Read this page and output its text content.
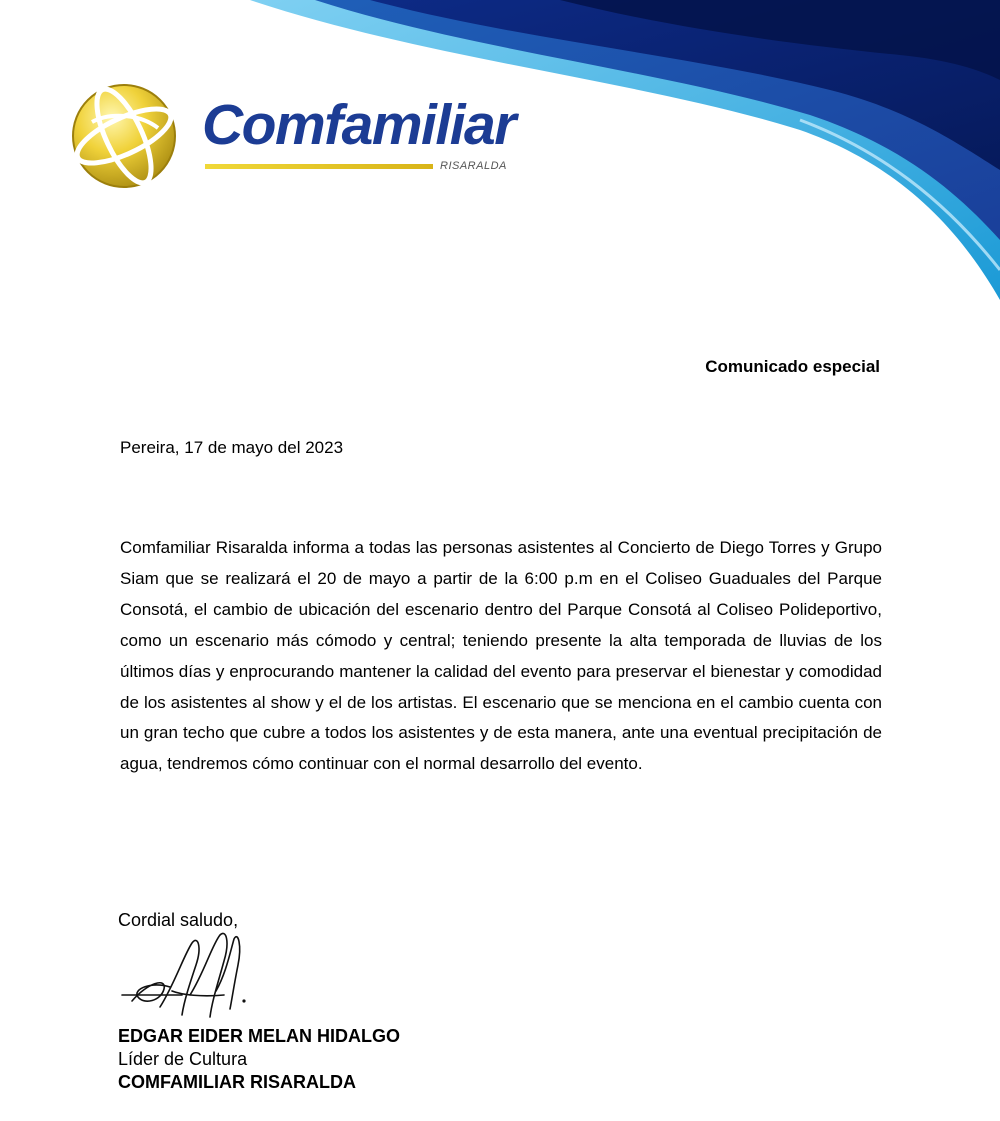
Comfamiliar
RISARALDA
Comunicado especial
Pereira, 17 de mayo del 2023

Comfamiliar Risaralda informa a todas las personas asistentes al Concierto de Diego Torres y Grupo Siam que se realizará el 20 de mayo a partir de la 6:00 p.m en el Coliseo Guaduales del Parque Consotá, el cambio de ubicación del escenario dentro del Parque Consotá al Coliseo Polideportivo, como un escenario más cómodo y central; teniendo presente la alta temporada de lluvias de los últimos días y enprocurando mantener la calidad del evento para preservar el bienestar y comodidad de los asistentes al show y el de los artistas. El escenario que se menciona en el cambio cuenta con un gran techo que cubre a todos los asistentes y de esta manera, ante una eventual precipitación de agua, tendremos cómo continuar con el normal desarrollo del evento.

Cordial saludo,
EDGAR EIDER MELAN HIDALGO
Líder de Cultura
COMFAMILIAR RISARALDA
